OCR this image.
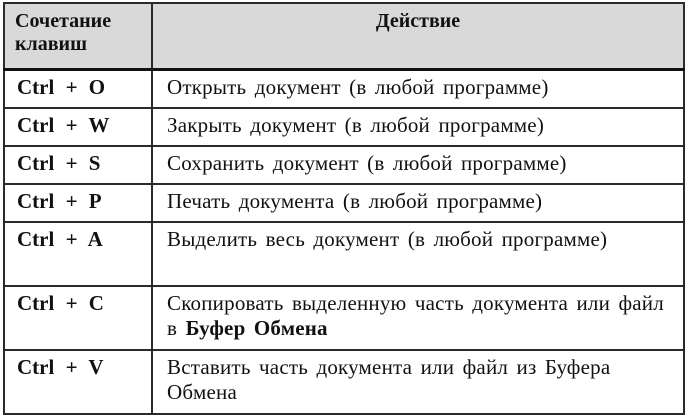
Сочетание клавиш	Действие
Ctrl + O	Открыть документ (в любой программе)
Ctrl + W	Закрыть документ (в любой программе)
Ctrl + S	Сохранить документ (в любой программе)
Ctrl + P	Печать документа (в любой программе)
Ctrl + A	Выделить весь документ (в любой программе)
Ctrl + C	Скопировать выделенную часть документа или файл в Буфер Обмена
Ctrl + V	Вставить часть документа или файл из Буфера Обмена
